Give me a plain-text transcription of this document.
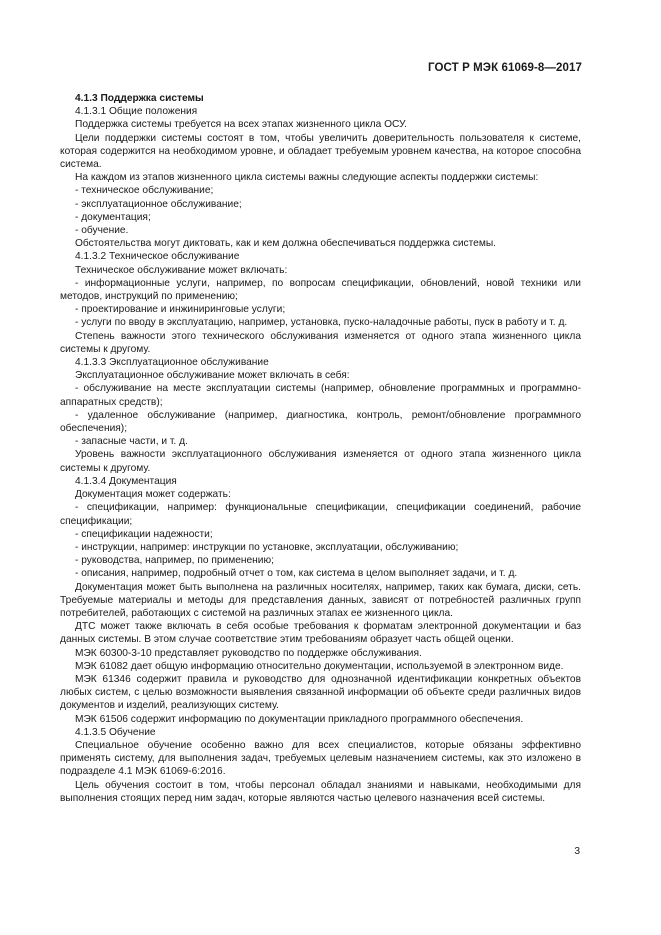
ГОСТ Р МЭК 61069-8—2017

4.1.3 Поддержка системы

4.1.3.1 Общие положения

Поддержка системы требуется на всех этапах жизненного цикла ОСУ.

Цели поддержки системы состоят в том, чтобы увеличить доверительность пользователя к системе, которая содержится на необходимом уровне, и обладает требуемым уровнем качества, на которое способна система.

На каждом из этапов жизненного цикла системы важны следующие аспекты поддержки системы:

- техническое обслуживание;

- эксплуатационное обслуживание;

- документация;

- обучение.

Обстоятельства могут диктовать, как и кем должна обеспечиваться поддержка системы.

4.1.3.2 Техническое обслуживание

Техническое обслуживание может включать:

- информационные услуги, например, по вопросам спецификации, обновлений, новой техники или методов, инструкций по применению;

- проектирование и инжиниринговые услуги;

- услуги по вводу в эксплуатацию, например, установка, пуско-наладочные работы, пуск в работу и т. д.

Степень важности этого технического обслуживания изменяется от одного этапа жизненного цикла системы к другому.

4.1.3.3 Эксплуатационное обслуживание

Эксплуатационное обслуживание может включать в себя:

- обслуживание на месте эксплуатации системы (например, обновление программных и программно-аппаратных средств);

- удаленное обслуживание (например, диагностика, контроль, ремонт/обновление программного обеспечения);

- запасные части, и т. д.

Уровень важности эксплуатационного обслуживания изменяется от одного этапа жизненного цикла системы к другому.

4.1.3.4 Документация

Документация может содержать:

- спецификации, например: функциональные спецификации, спецификации соединений, рабочие спецификации;

- спецификации надежности;

- инструкции, например: инструкции по установке, эксплуатации, обслуживанию;

- руководства, например, по применению;

- описания, например, подробный отчет о том, как система в целом выполняет задачи, и т. д.

Документация может быть выполнена на различных носителях, например, таких как бумага, диски, сеть. Требуемые материалы и методы для представления данных, зависят от потребностей различных групп потребителей, работающих с системой на различных этапах ее жизненного цикла.

ДТС может также включать в себя особые требования к форматам электронной документации и баз данных системы. В этом случае соответствие этим требованиям образует часть общей оценки.

МЭК 60300-3-10 представляет руководство по поддержке обслуживания.

МЭК 61082 дает общую информацию относительно документации, используемой в электронном виде.

МЭК 61346 содержит правила и руководство для однозначной идентификации конкретных объектов любых систем, с целью возможности выявления связанной информации об объекте среди различных видов документов и изделий, реализующих систему.

МЭК 61506 содержит информацию по документации прикладного программного обеспечения.

4.1.3.5 Обучение

Специальное обучение особенно важно для всех специалистов, которые обязаны эффективно применять систему, для выполнения задач, требуемых целевым назначением системы, как это изложено в подразделе 4.1 МЭК 61069-6:2016.

Цель обучения состоит в том, чтобы персонал обладал знаниями и навыками, необходимыми для выполнения стоящих перед ним задач, которые являются частью целевого назначения всей системы.

3
